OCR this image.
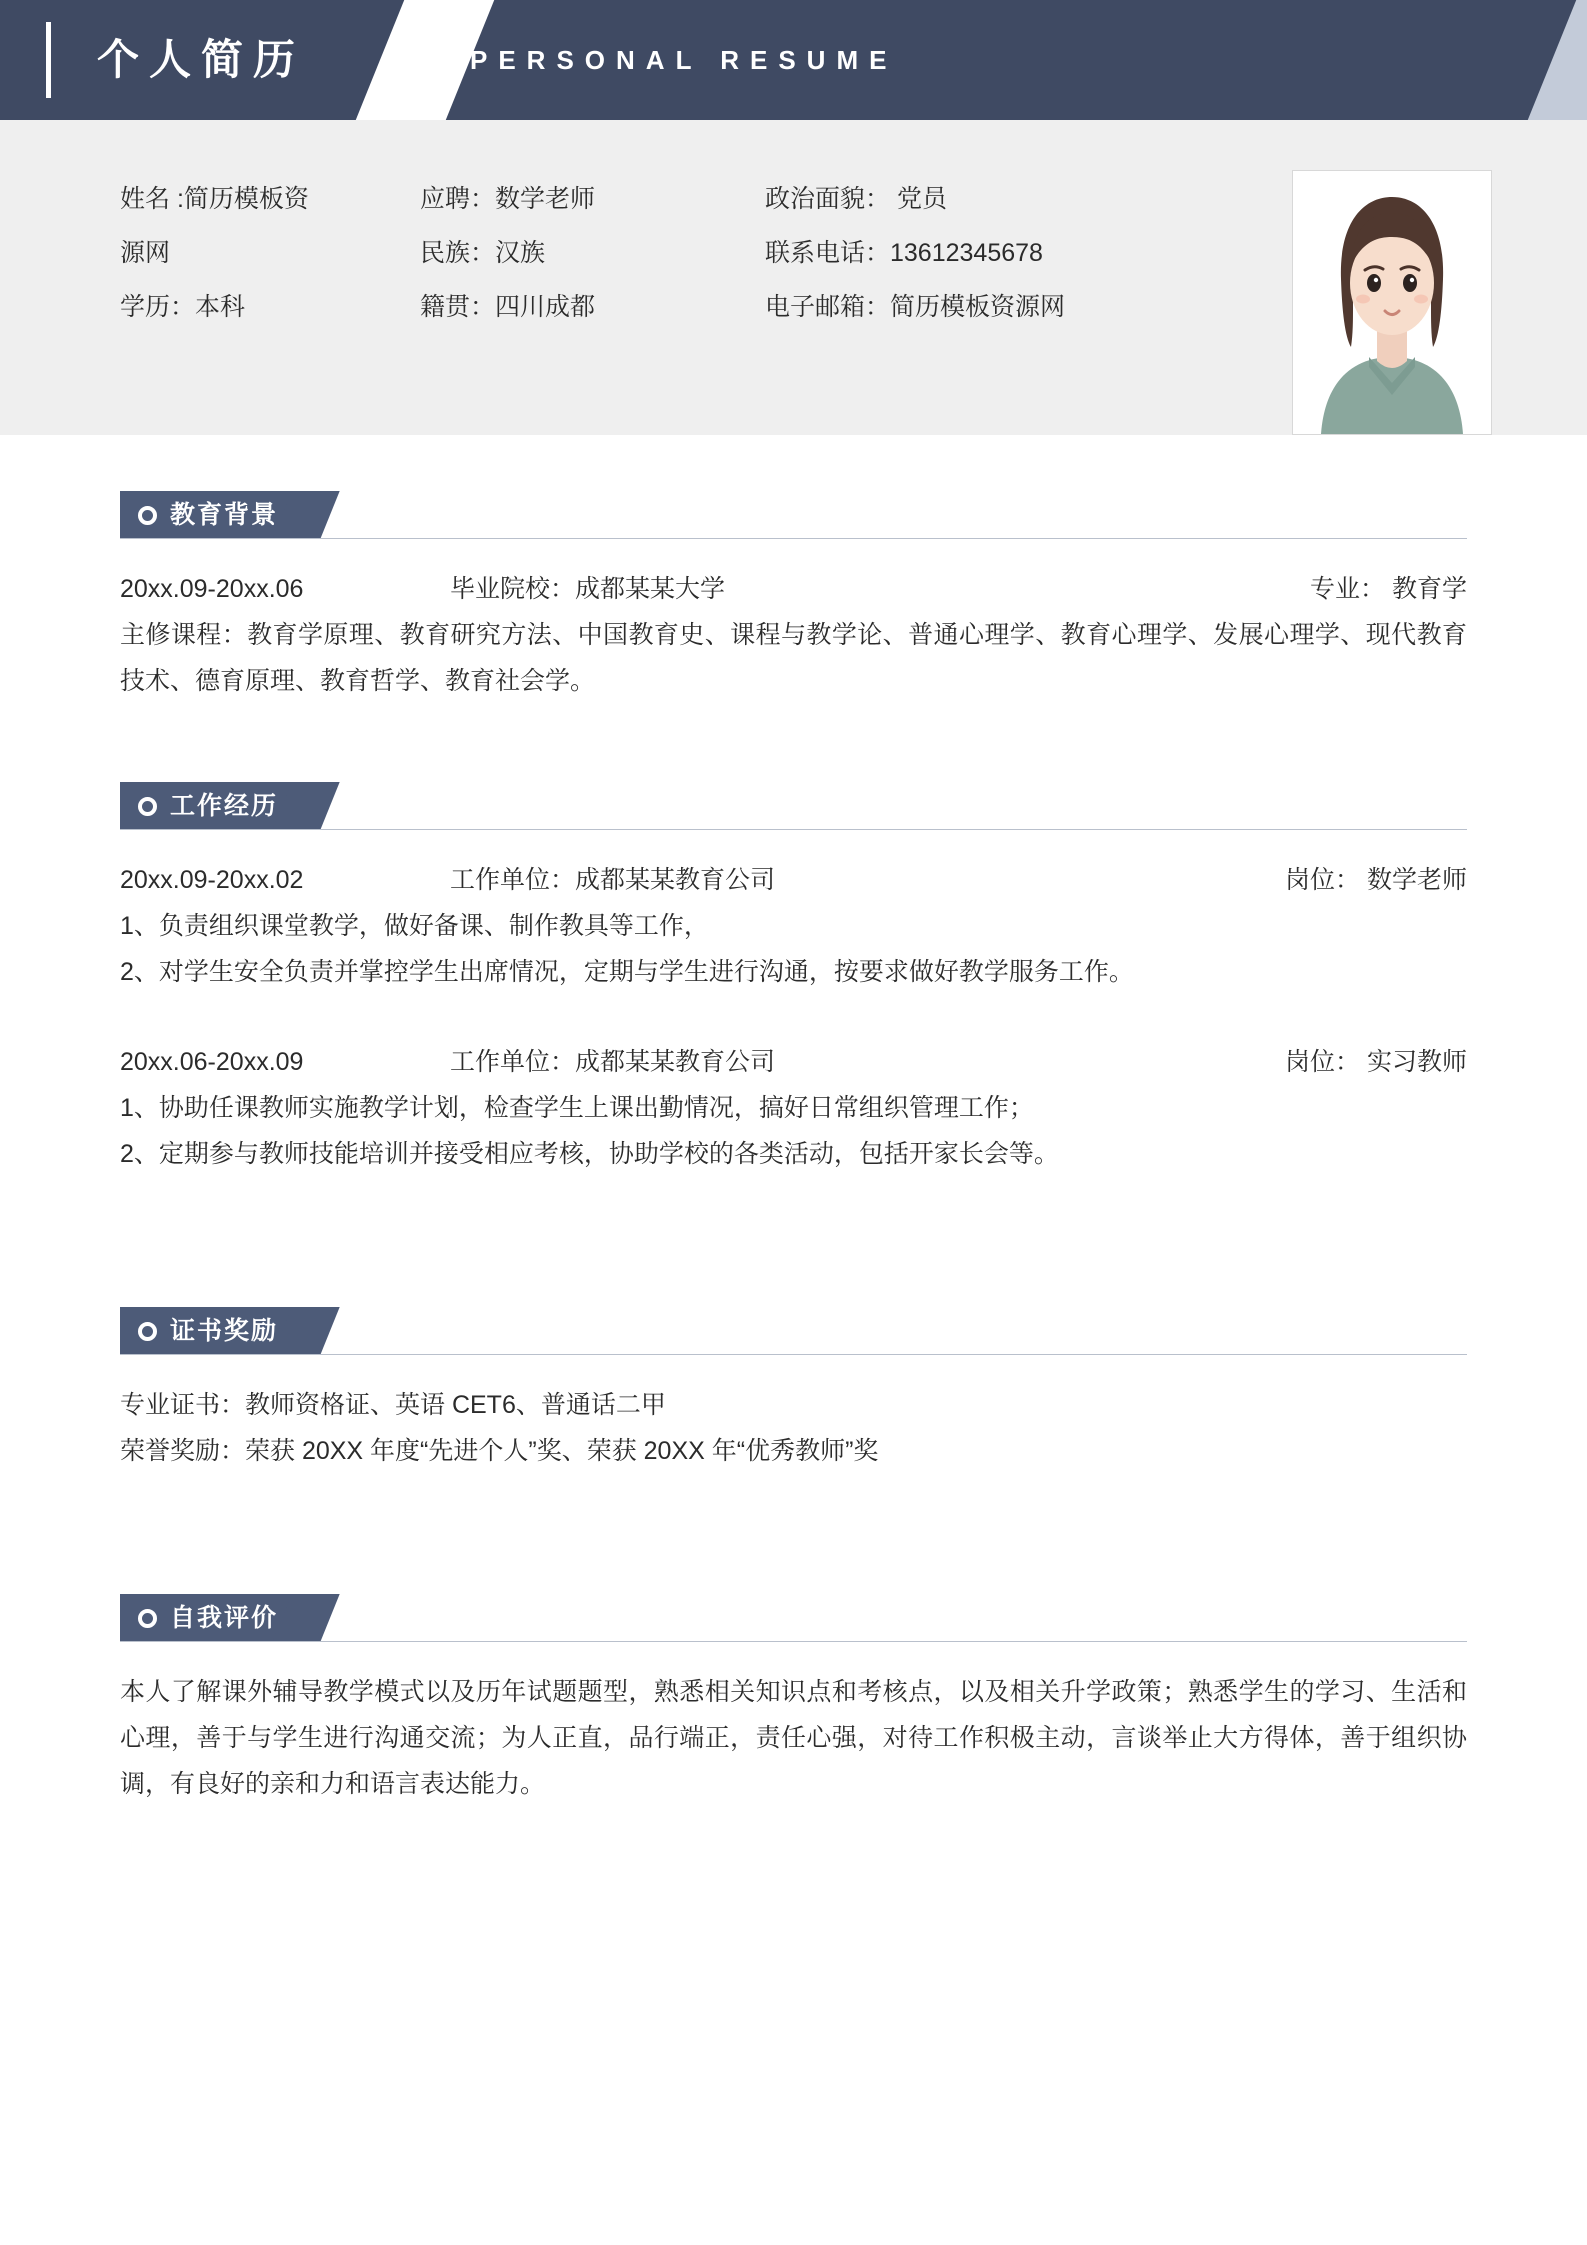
个人简历	PERSONAL RESUME
姓名 :简历模板资	应聘：数学老师	政治面貌： 党员
源网	民族：汉族	联系电话：13612345678
学历：本科	籍贯：四川成都	电子邮箱：简历模板资源网
教育背景
20xx.09-20xx.06	毕业院校：成都某某大学	专业： 教育学

主修课程：教育学原理、教育研究方法、中国教育史、课程与教学论、普通心理学、教育心理学、发展心理学、现代教育技术、德育原理、教育哲学、教育社会学。

工作经历
20xx.09-20xx.02	工作单位：成都某某教育公司	岗位： 数学老师

1、负责组织课堂教学，做好备课、制作教具等工作，

2、对学生安全负责并掌控学生出席情况，定期与学生进行沟通，按要求做好教学服务工作。

20xx.06-20xx.09	工作单位：成都某某教育公司	岗位： 实习教师

1、协助任课教师实施教学计划，检查学生上课出勤情况，搞好日常组织管理工作；

2、定期参与教师技能培训并接受相应考核，协助学校的各类活动，包括开家长会等。

证书奖励

专业证书：教师资格证、英语 CET6、普通话二甲

荣誉奖励：荣获 20XX 年度“先进个人”奖、荣获 20XX 年“优秀教师”奖

自我评价

本人了解课外辅导教学模式以及历年试题题型，熟悉相关知识点和考核点，以及相关升学政策；熟悉学生的学习、生活和心理，善于与学生进行沟通交流；为人正直，品行端正，责任心强，对待工作积极主动，言谈举止大方得体，善于组织协调，有良好的亲和力和语言表达能力。
